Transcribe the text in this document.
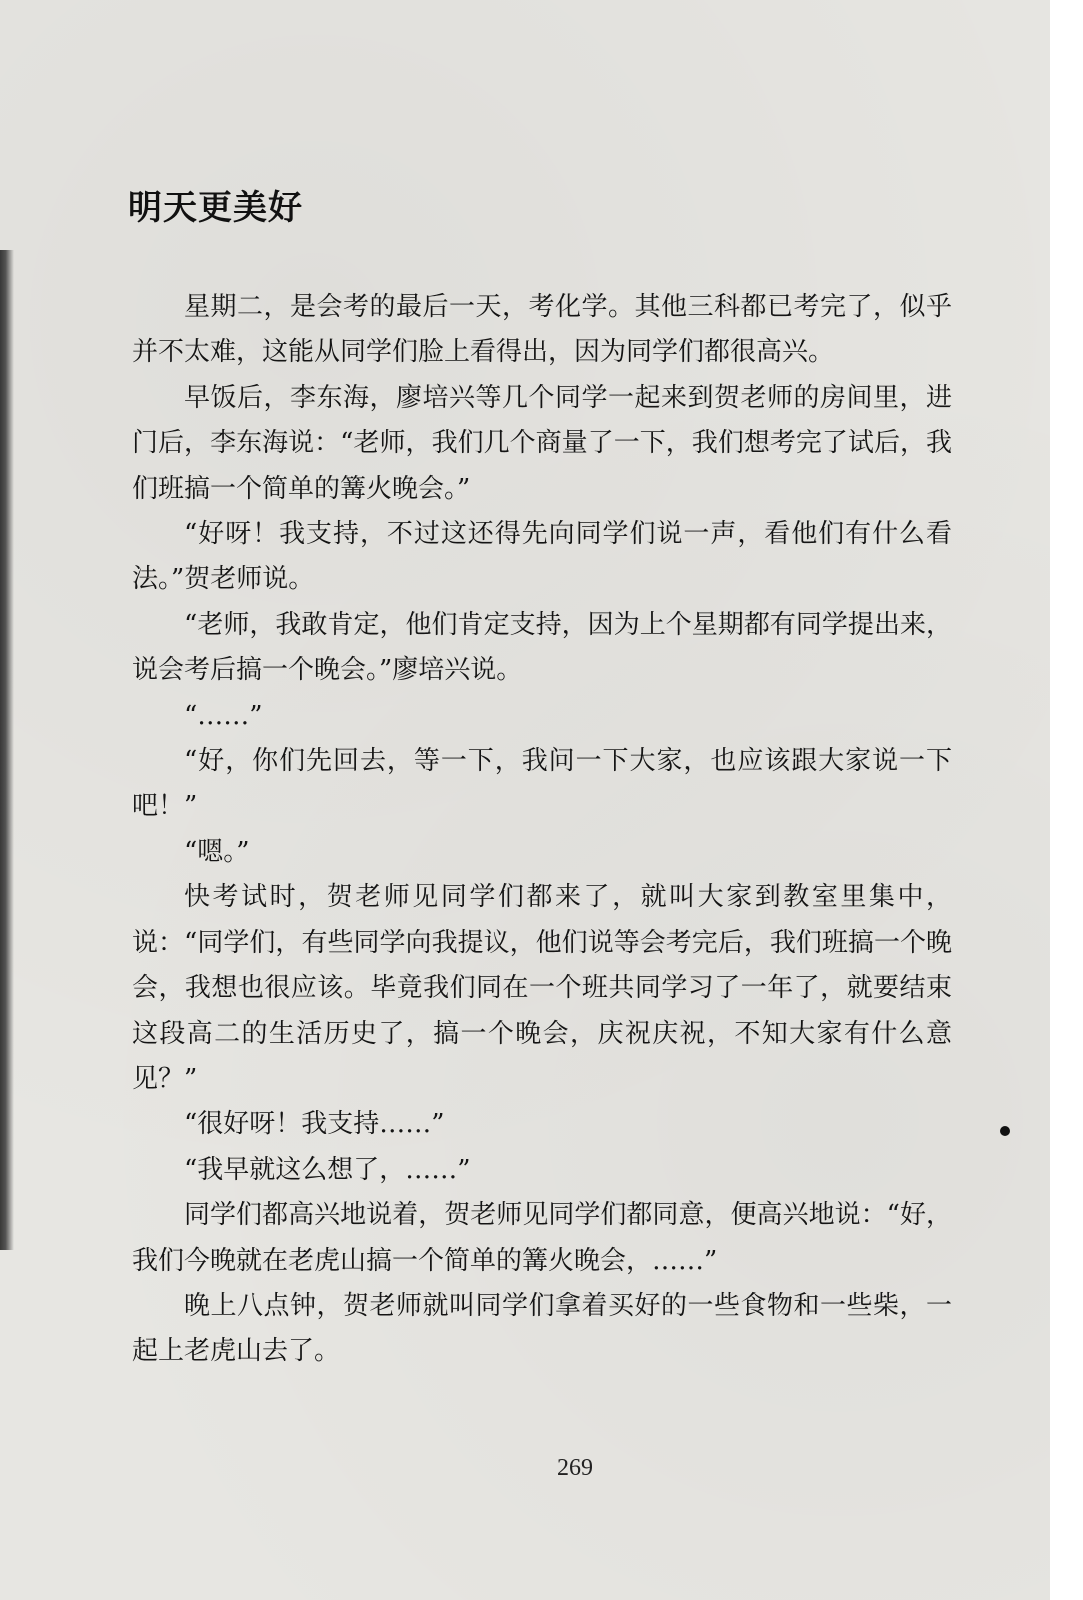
明天更美好

星期二，是会考的最后一天，考化学。其他三科都已考完了，似乎并不太难，这能从同学们脸上看得出，因为同学们都很高兴。

早饭后，李东海，廖培兴等几个同学一起来到贺老师的房间里，进门后，李东海说：“老师，我们几个商量了一下，我们想考完了试后，我们班搞一个简单的篝火晚会。”

“好呀！我支持，不过这还得先向同学们说一声，看他们有什么看法。”贺老师说。

“老师，我敢肯定，他们肯定支持，因为上个星期都有同学提出来，说会考后搞一个晚会。”廖培兴说。

“……”

“好，你们先回去，等一下，我问一下大家，也应该跟大家说一下吧！”

“嗯。”

快考试时，贺老师见同学们都来了，就叫大家到教室里集中，说：“同学们，有些同学向我提议，他们说等会考完后，我们班搞一个晚会，我想也很应该。毕竟我们同在一个班共同学习了一年了，就要结束这段高二的生活历史了，搞一个晚会，庆祝庆祝，不知大家有什么意见？”

“很好呀！我支持……”

“我早就这么想了，……”

同学们都高兴地说着，贺老师见同学们都同意，便高兴地说：“好，我们今晚就在老虎山搞一个简单的篝火晚会，……”

晚上八点钟，贺老师就叫同学们拿着买好的一些食物和一些柴，一起上老虎山去了。

269
